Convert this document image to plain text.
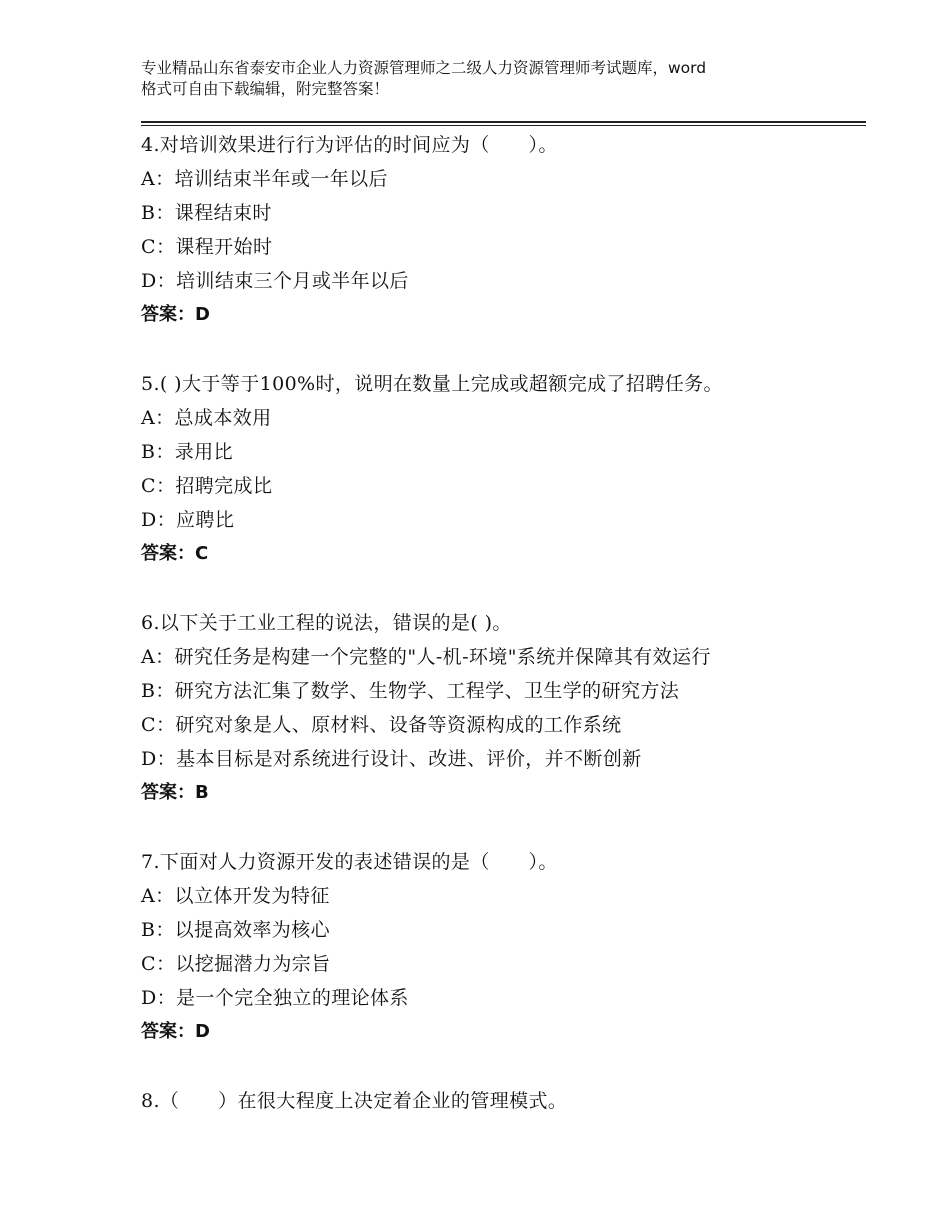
专业精品山东省泰安市企业人力资源管理师之二级人力资源管理师考试题库，word
格式可自由下载编辑，附完整答案！
4.对培训效果进行行为评估的时间应为（　　）。
A：培训结束半年或一年以后
B：课程结束时
C：课程开始时
D：培训结束三个月或半年以后
答案：D
5.( )大于等于100%时，说明在数量上完成或超额完成了招聘任务。
A：总成本效用
B：录用比
C：招聘完成比
D：应聘比
答案：C
6.以下关于工业工程的说法，错误的是( )。
A：研究任务是构建一个完整的"人-机-环境"系统并保障其有效运行
B：研究方法汇集了数学、生物学、工程学、卫生学的研究方法
C：研究对象是人、原材料、设备等资源构成的工作系统
D：基本目标是对系统进行设计、改进、评价，并不断创新
答案：B
7.下面对人力资源开发的表述错误的是（　　）。
A：以立体开发为特征
B：以提高效率为核心
C：以挖掘潜力为宗旨
D：是一个完全独立的理论体系
答案：D
8.（　　）在很大程度上决定着企业的管理模式。
